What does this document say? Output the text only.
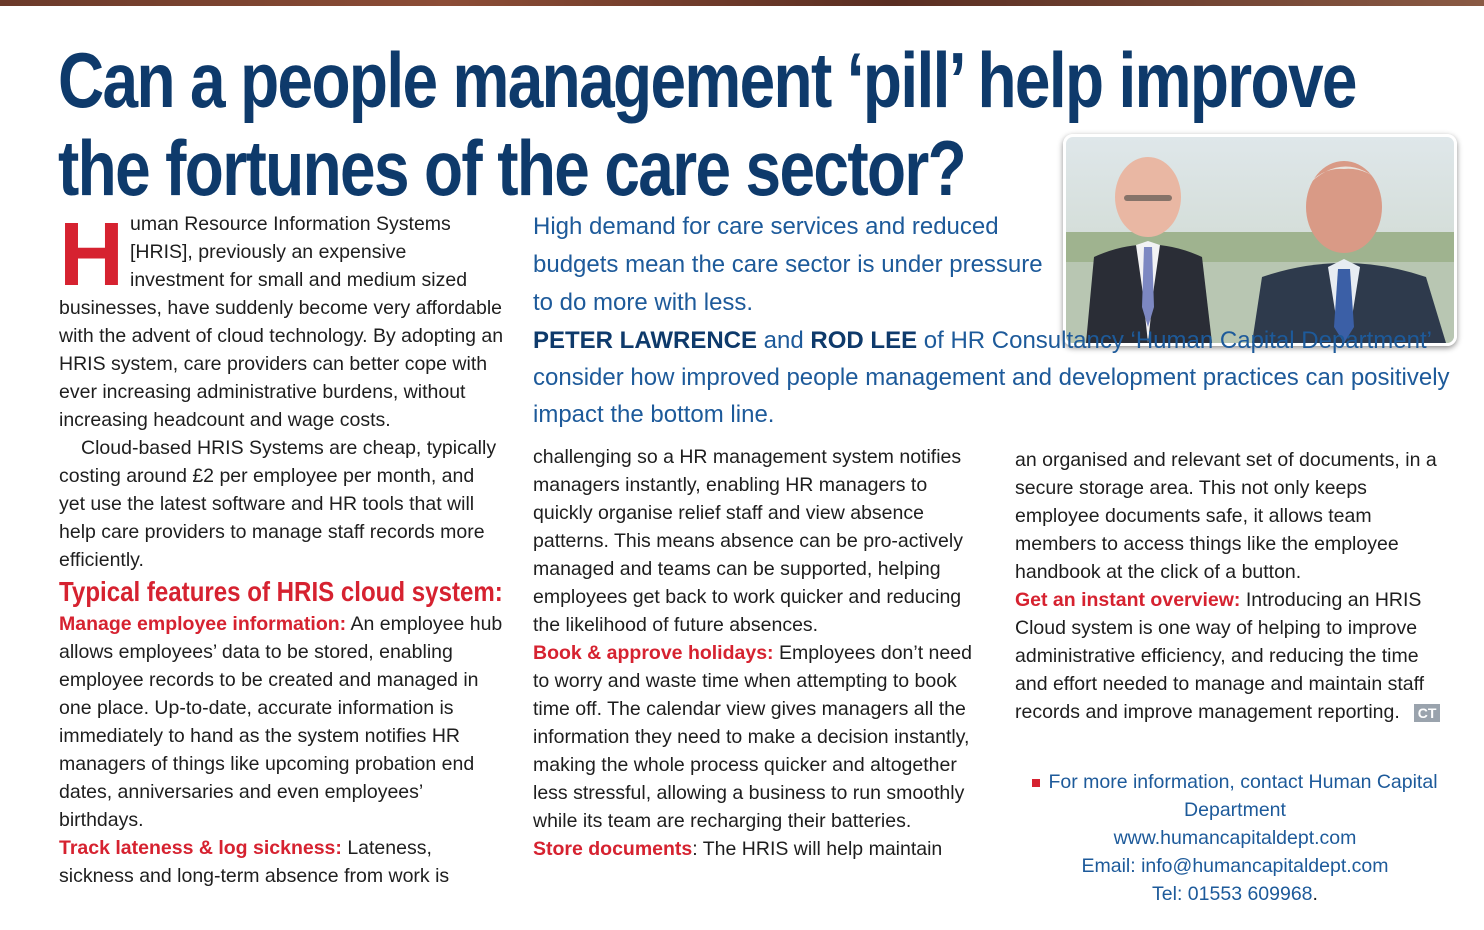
Can a people management ‘pill’ help improve
the fortunes of the care sector?
High demand for care services and reduced budgets mean the care sector is under pressure to do more with less.
PETER LAWRENCE and ROD LEE of HR Consultancy ‘Human Capital Department’ consider how improved people management and development practices can positively impact the bottom line.

Human Resource Information Systems [HRIS], previously an expensive investment for small and medium sized businesses, have suddenly become very affordable with the advent of cloud technology. By adopting an HRIS system, care providers can better cope with ever increasing administrative burdens, without increasing headcount and wage costs.

Cloud-based HRIS Systems are cheap, typically costing around £2 per employee per month, and yet use the latest software and HR tools that will help care providers to manage staff records more efficiently.

Typical features of HRIS cloud system:

Manage employee information: An employee hub allows employees’ data to be stored, enabling employee records to be created and managed in one place. Up-to-date, accurate information is immediately to hand as the system notifies HR managers of things like upcoming probation end dates, anniversaries and even employees’ birthdays.

Track lateness & log sickness: Lateness, sickness and long-term absence from work is

challenging so a HR management system notifies managers instantly, enabling HR managers to quickly organise relief staff and view absence patterns. This means absence can be pro-actively managed and teams can be supported, helping employees get back to work quicker and reducing the likelihood of future absences.

Book & approve holidays: Employees don’t need to worry and waste time when attempting to book time off. The calendar view gives managers all the information they need to make a decision instantly, making the whole process quicker and altogether less stressful, allowing a business to run smoothly while its team are recharging their batteries.

Store documents: The HRIS will help maintain

an organised and relevant set of documents, in a secure storage area. This not only keeps employee documents safe, it allows team members to access things like the employee handbook at the click of a button.

Get an instant overview: Introducing an HRIS Cloud system is one way of helping to improve administrative efficiency, and reducing the time and effort needed to manage and maintain staff records and improve management reporting. CT

For more information, contact Human Capital Department
www.humancapitaldept.com
Email: info@humancapitaldept.com
Tel: 01553 609968.
